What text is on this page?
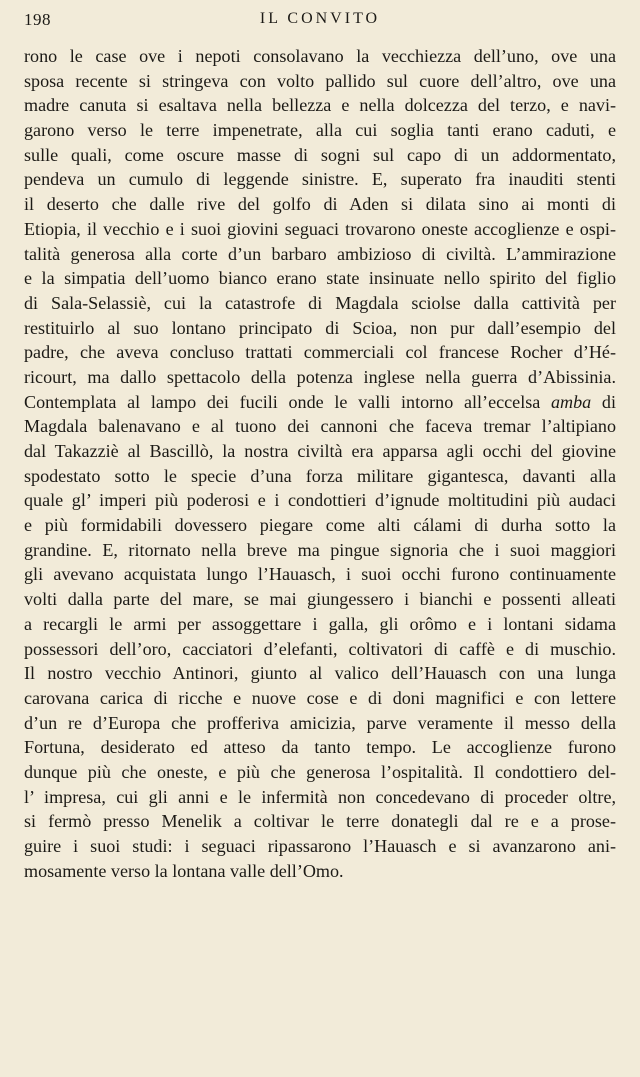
198	IL CONVITO
rono le case ove i nepoti consolavano la vecchiezza dell’uno, ove una
sposa recente si stringeva con volto pallido sul cuore dell’altro, ove una
madre canuta si esaltava nella bellezza e nella dolcezza del terzo, e navi-
garono verso le terre impenetrate, alla cui soglia tanti erano caduti, e
sulle quali, come oscure masse di sogni sul capo di un addormentato,
pendeva un cumulo di leggende sinistre. E, superato fra inauditi stenti
il deserto che dalle rive del golfo di Aden si dilata sino ai monti di
Etiopia, il vecchio e i suoi giovini seguaci trovarono oneste accoglienze e ospi-
talità generosa alla corte d’un barbaro ambizioso di civiltà. L’ammirazione
e la simpatia dell’uomo bianco erano state insinuate nello spirito del figlio
di Sala-Selassiè, cui la catastrofe di Magdala sciolse dalla cattività per
restituirlo al suo lontano principato di Scioa, non pur dall’esempio del
padre, che aveva concluso trattati commerciali col francese Rocher d’Hé-
ricourt, ma dallo spettacolo della potenza inglese nella guerra d’Abissinia.
Contemplata al lampo dei fucili onde le valli intorno all’eccelsa amba di
Magdala balenavano e al tuono dei cannoni che faceva tremar l’altipiano
dal Takazziè al Bascillò, la nostra civiltà era apparsa agli occhi del giovine
spodestato sotto le specie d’una forza militare gigantesca, davanti alla
quale gl’ imperi più poderosi e i condottieri d’ignude moltitudini più audaci
e più formidabili dovessero piegare come alti cálami di durha sotto la
grandine. E, ritornato nella breve ma pingue signoria che i suoi maggiori
gli avevano acquistata lungo l’Hauasch, i suoi occhi furono continuamente
volti dalla parte del mare, se mai giungessero i bianchi e possenti alleati
a recargli le armi per assoggettare i galla, gli orômo e i lontani sidama
possessori dell’oro, cacciatori d’elefanti, coltivatori di caffè e di muschio.
Il nostro vecchio Antinori, giunto al valico dell’Hauasch con una lunga
carovana carica di ricche e nuove cose e di doni magnifici e con lettere
d’un re d’Europa che profferiva amicizia, parve veramente il messo della
Fortuna, desiderato ed atteso da tanto tempo. Le accoglienze furono
dunque più che oneste, e più che generosa l’ospitalità. Il condottiero del-
l’ impresa, cui gli anni e le infermità non concedevano di proceder oltre,
si fermò presso Menelik a coltivar le terre donategli dal re e a prose-
guire i suoi studi: i seguaci ripassarono l’Hauasch e si avanzarono ani-
mosamente verso la lontana valle dell’Omo.
